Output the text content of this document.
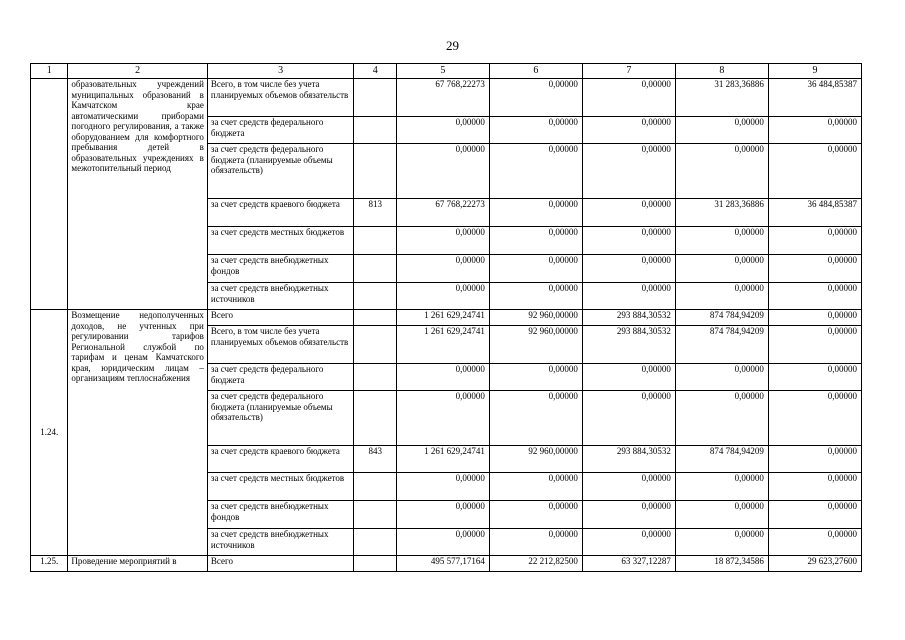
29
1	2	3	4	5	6	7	8	9
	образовательных учреждений муниципальных образований в Камчатском крае автоматическими приборами погодного регулирования, а также оборудованием для комфортного пребывания детей в образовательных учреждениях в межотопительный период	Всего, в том числе без учета планируемых объемов обязательств		67 768,22273	0,00000	0,00000	31 283,36886	36 484,85387
		за счет средств федерального бюджета		0,00000	0,00000	0,00000	0,00000	0,00000
		за счет средств федерального бюджета (планируемые объемы обязательств)		0,00000	0,00000	0,00000	0,00000	0,00000
		за счет средств краевого бюджета	813	67 768,22273	0,00000	0,00000	31 283,36886	36 484,85387
		за счет средств местных бюджетов		0,00000	0,00000	0,00000	0,00000	0,00000
		за счет средств внебюджетных фондов		0,00000	0,00000	0,00000	0,00000	0,00000
		за счет средств внебюджетных источников		0,00000	0,00000	0,00000	0,00000	0,00000
1.24.	Возмещение недополученных доходов, не учтенных при регулировании тарифов Региональной службой по тарифам и ценам Камчатского края, юридическим лицам – организациям теплоснабжения	Всего		1 261 629,24741	92 960,00000	293 884,30532	874 784,94209	0,00000
		Всего, в том числе без учета планируемых объемов обязательств		1 261 629,24741	92 960,00000	293 884,30532	874 784,94209	0,00000
		за счет средств федерального бюджета		0,00000	0,00000	0,00000	0,00000	0,00000
		за счет средств федерального бюджета (планируемые объемы обязательств)		0,00000	0,00000	0,00000	0,00000	0,00000
		за счет средств краевого бюджета	843	1 261 629,24741	92 960,00000	293 884,30532	874 784,94209	0,00000
		за счет средств местных бюджетов		0,00000	0,00000	0,00000	0,00000	0,00000
		за счет средств внебюджетных фондов		0,00000	0,00000	0,00000	0,00000	0,00000
		за счет средств внебюджетных источников		0,00000	0,00000	0,00000	0,00000	0,00000
1.25.	Проведение мероприятий в	Всего		495 577,17164	22 212,82500	63 327,12287	18 872,34586	29 623,27600
